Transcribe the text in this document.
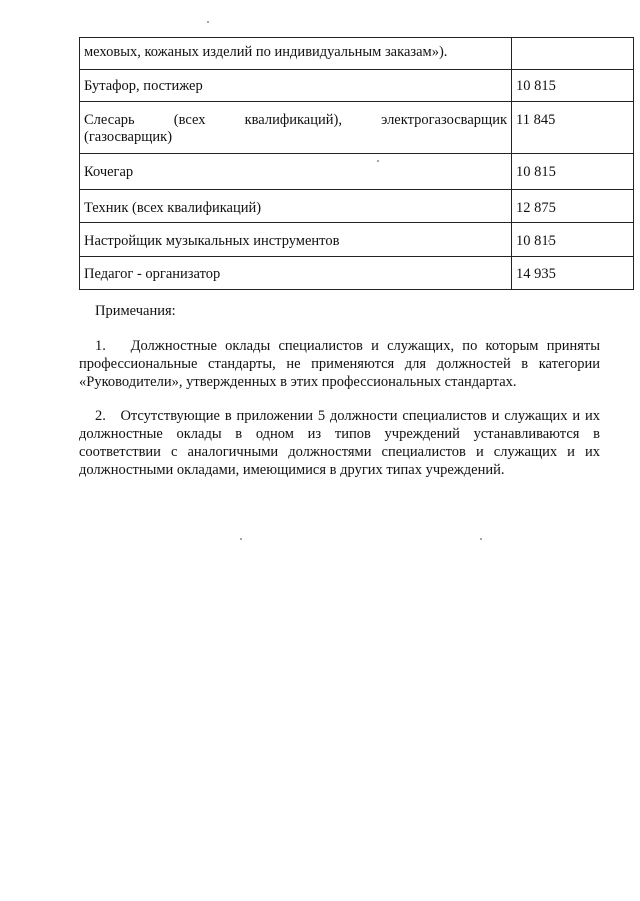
меховых, кожаных изделий по индивидуальным заказам»).	
Бутафор, постижер	10 815

Слесарь (всех квалификаций), электрогазосварщик
(газосварщик)	11 845
Кочегар	10 815
Техник (всех квалификаций)	12 875
Настройщик музыкальных инструментов	10 815
Педагог - организатор	14 935
Примечания:
1.   Должностные оклады специалистов и служащих, по которым приняты профессиональные стандарты, не применяются для должностей в категории «Руководители», утвержденных в этих профессиональных стандартах.
2.   Отсутствующие в приложении 5 должности специалистов и служащих и их должностные оклады в одном из типов учреждений устанавливаются в соответствии с аналогичными должностями специалистов и служащих и их должностными окладами, имеющимися в других типах учреждений.
